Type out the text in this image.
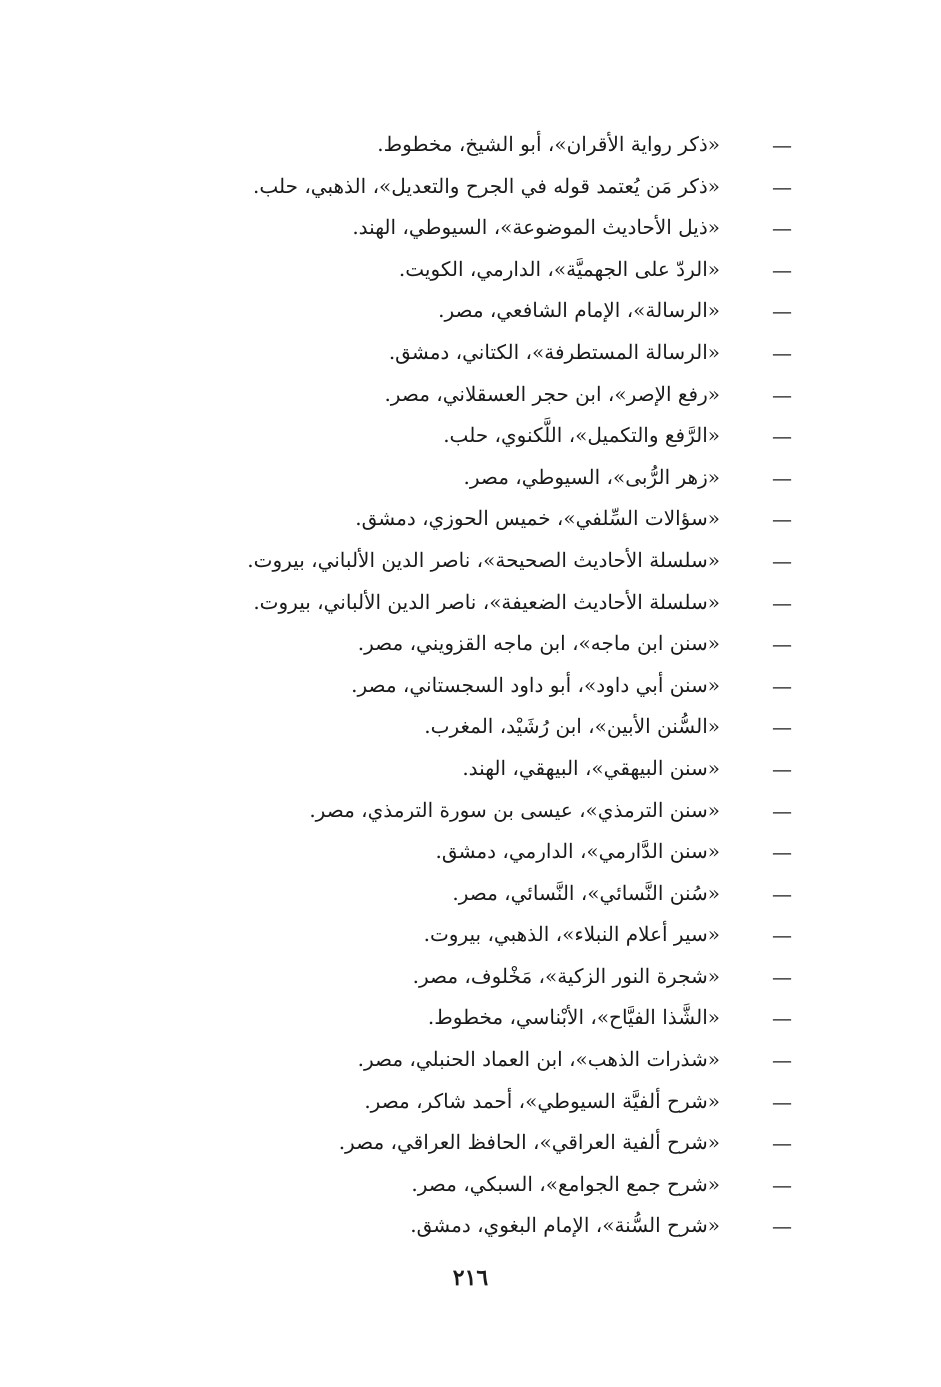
—
«ذكر رواية الأقران»، أبو الشيخ، مخطوط.
—
«ذكر مَن يُعتمد قوله في الجرح والتعديل»، الذهبي، حلب.
—
«ذيل الأحاديث الموضوعة»، السيوطي، الهند.
—
«الردّ على الجهميَّة»، الدارمي، الكويت.
—
«الرسالة»، الإمام الشافعي، مصر.
—
«الرسالة المستطرفة»، الكتاني، دمشق.
—
«رفع الإصر»، ابن حجر العسقلاني، مصر.
—
«الرَّفع والتكميل»، اللَّكنوي، حلب.
—
«زهر الرُّبى»، السيوطي، مصر.
—
«سؤالات السِّلفي»، خميس الحوزي، دمشق.
—
«سلسلة الأحاديث الصحيحة»، ناصر الدين الألباني، بيروت.
—
«سلسلة الأحاديث الضعيفة»، ناصر الدين الألباني، بيروت.
—
«سنن ابن ماجه»، ابن ماجه القزويني، مصر.
—
«سنن أبي داود»، أبو داود السجستاني، مصر.
—
«السُّنن الأبين»، ابن رُشَيْد، المغرب.
—
«سنن البيهقي»، البيهقي، الهند.
—
«سنن الترمذي»، عيسى بن سورة الترمذي، مصر.
—
«سنن الدَّارمي»، الدارمي، دمشق.
—
«سُنن النَّسائي»، النَّسائي، مصر.
—
«سير أعلام النبلاء»، الذهبي، بيروت.
—
«شجرة النور الزكية»، مَخْلوف، مصر.
—
«الشَّذا الفيَّاح»، الأبْناسي، مخطوط.
—
«شذرات الذهب»، ابن العماد الحنبلي، مصر.
—
«شرح ألفيَّة السيوطي»، أحمد شاكر، مصر.
—
«شرح ألفية العراقي»، الحافظ العراقي، مصر.
—
«شرح جمع الجوامع»، السبكي، مصر.
—
«شرح السُّنة»، الإمام البغوي، دمشق.
٢١٦
